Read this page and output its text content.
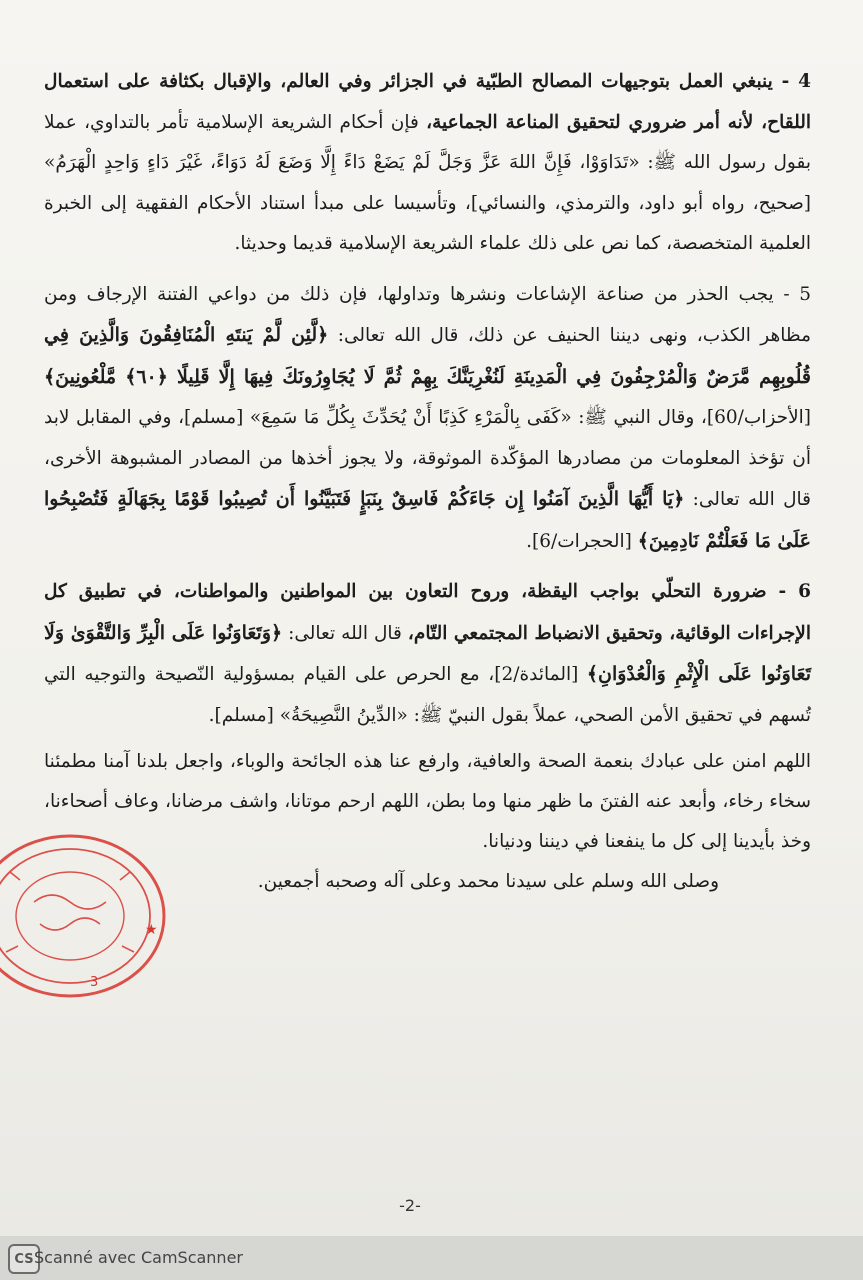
4 - ينبغي العمل بتوجيهات المصالح الطبّية في الجزائر وفي العالم، والإقبال بكثافة على استعمال اللقاح، لأنه أمر ضروري لتحقيق المناعة الجماعية، فإن أحكام الشريعة الإسلامية تأمر بالتداوي، عملا بقول رسول الله ﷺ: «تَدَاوَوْا، فَإِنَّ اللهَ عَزَّ وَجَلَّ لَمْ يَضَعْ دَاءً إِلَّا وَضَعَ لَهُ دَوَاءً، غَيْرَ دَاءٍ وَاحِدٍ الْهَرَمُ» [صحيح، رواه أبو داود، والترمذي، والنسائي]، وتأسيسا على مبدأ استناد الأحكام الفقهية إلى الخبرة العلمية المتخصصة، كما نص على ذلك علماء الشريعة الإسلامية قديما وحديثا.

5 - يجب الحذر من صناعة الإشاعات ونشرها وتداولها، فإن ذلك من دواعي الفتنة الإرجاف ومن مظاهر الكذب، ونهى ديننا الحنيف عن ذلك، قال الله تعالى: ﴿لَّئِن لَّمْ يَنتَهِ الْمُنَافِقُونَ وَالَّذِينَ فِي قُلُوبِهِم مَّرَضٌ وَالْمُرْجِفُونَ فِي الْمَدِينَةِ لَنُغْرِيَنَّكَ بِهِمْ ثُمَّ لَا يُجَاوِرُونَكَ فِيهَا إِلَّا قَلِيلًا ﴿٦٠﴾ مَّلْعُونِينَ﴾ [الأحزاب/60]، وقال النبي ﷺ: «كَفَى بِالْمَرْءِ كَذِبًا أَنْ يُحَدِّثَ بِكُلِّ مَا سَمِعَ» [مسلم]، وفي المقابل لابد أن تؤخذ المعلومات من مصادرها المؤكّدة الموثوقة، ولا يجوز أخذها من المصادر المشبوهة الأخرى، قال الله تعالى: ﴿يَا أَيُّهَا الَّذِينَ آمَنُوا إِن جَاءَكُمْ فَاسِقٌ بِنَبَإٍ فَتَبَيَّنُوا أَن تُصِيبُوا قَوْمًا بِجَهَالَةٍ فَتُصْبِحُوا عَلَىٰ مَا فَعَلْتُمْ نَادِمِينَ﴾ [الحجرات/6].

6 - ضرورة التحلّي بواجب اليقظة، وروح التعاون بين المواطنين والمواطنات، في تطبيق كل الإجراءات الوقائية، وتحقيق الانضباط المجتمعي التّام، قال الله تعالى: ﴿وَتَعَاوَنُوا عَلَى الْبِرِّ وَالتَّقْوَىٰ وَلَا تَعَاوَنُوا عَلَى الْإِثْمِ وَالْعُدْوَانِ﴾ [المائدة/2]، مع الحرص على القيام بمسؤولية النّصيحة والتوجيه التي تُسهم في تحقيق الأمن الصحي، عملاً بقول النبيّ ﷺ: «الدِّينُ النَّصِيحَةُ» [مسلم].

اللهم امنن على عبادك بنعمة الصحة والعافية، وارفع عنا هذه الجائحة والوباء، واجعل بلدنا آمنا مطمئنا سخاء رخاء، وأبعد عنه الفتنَ ما ظهر منها وما بطن، اللهم ارحم موتانا، واشف مرضانا، وعاف أصحاءنا، وخذ بأيدينا إلى كل ما ينفعنا في ديننا ودنيانا.

وصلى الله وسلم على سيدنا محمد وعلى آله وصحبه أجمعين.

★
3
-2-
CS Scanné avec CamScanner
